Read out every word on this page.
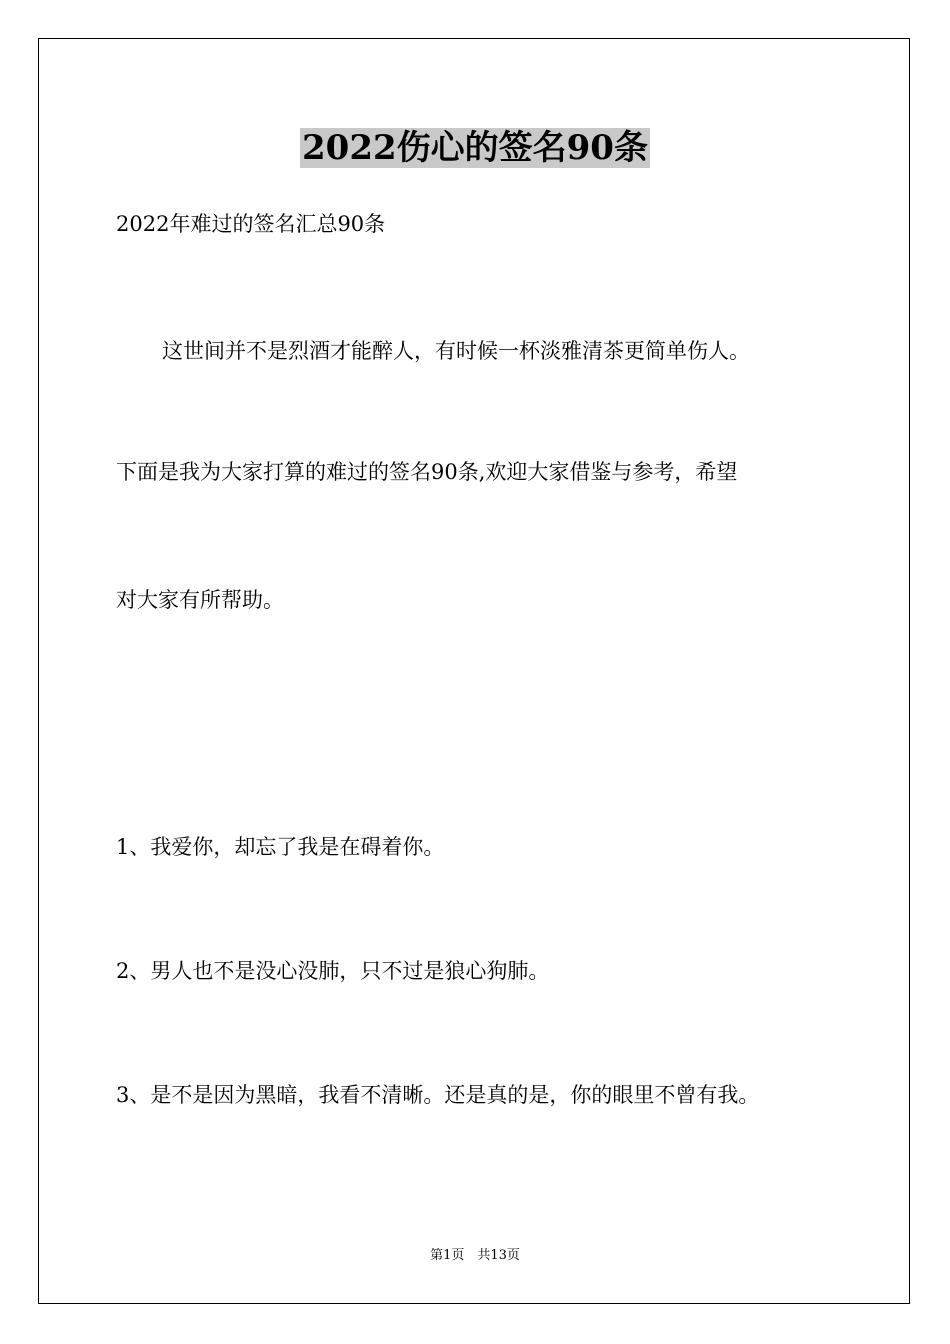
2022伤心的签名90条
2022年难过的签名汇总90条
这世间并不是烈酒才能醉人，有时候一杯淡雅清茶更简单伤人。
下面是我为大家打算的难过的签名90条,欢迎大家借鉴与参考，希望
对大家有所帮助。
1、我爱你，却忘了我是在碍着你。
2、男人也不是没心没肺，只不过是狼心狗肺。
3、是不是因为黑暗，我看不清晰。还是真的是，你的眼里不曾有我。
第1页　共13页
